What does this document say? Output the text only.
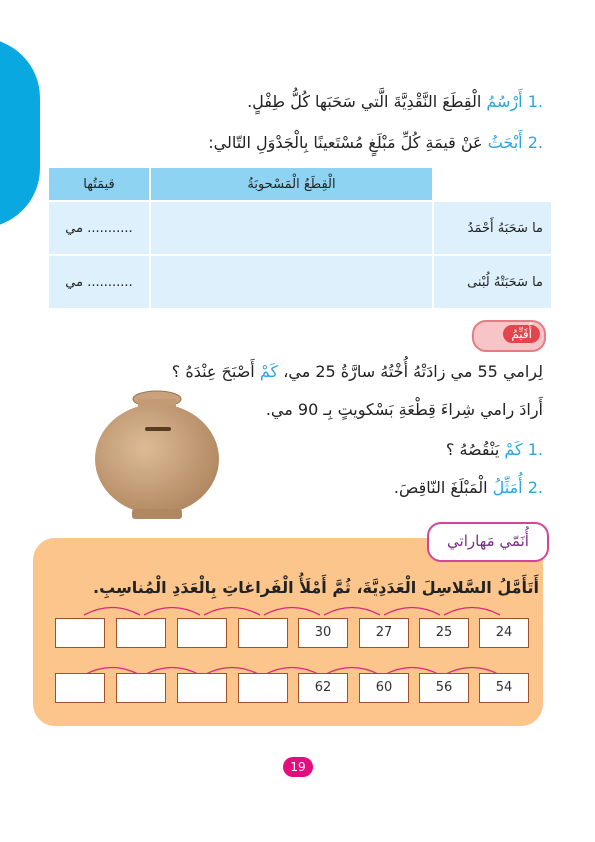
.1 أَرْسُمُ الْقِطَعَ النَّقْدِيَّةَ الَّتي سَحَبَها كُلُّ طِفْلٍ.
.2 أَبْحَثُ عَنْ قيمَةِ كُلِّ مَبْلَغٍ مُسْتَعينًا بِالْجَدْوَلِ التّالي:
	الْقِطَعُ الْمَسْحوبَةُ	قيمَتُها
ما سَحَبَهُ أَحْمَدُ		........... مي
ما سَحَبَتْهُ لُبْنى		........... مي
أُقَيِّمُ
لِرامي 55 مي زادَتْهُ أُخْتُهُ سارَّةُ 25 مي، كَمْ أَصْبَحَ عِنْدَهُ ؟
أَرادَ رامي شِراءَ قِطْعَةِ بَسْكويتٍ بِـ 90 مي.
.1 كَمْ يَنْقُصُهُ ؟
.2 أُمَثِّلُ الْمَبْلَغَ النّاقِصَ.
أُنَمّي مَهاراتي
أَتَأَمَّلُ السَّلاسِلَ الْعَدَدِيَّةَ، ثُمَّ أَمْلَأُ الْفَراغاتِ بِالْعَدَدِ الْمُناسِبِ.
24
25
27
30
54
56
60
62
19
